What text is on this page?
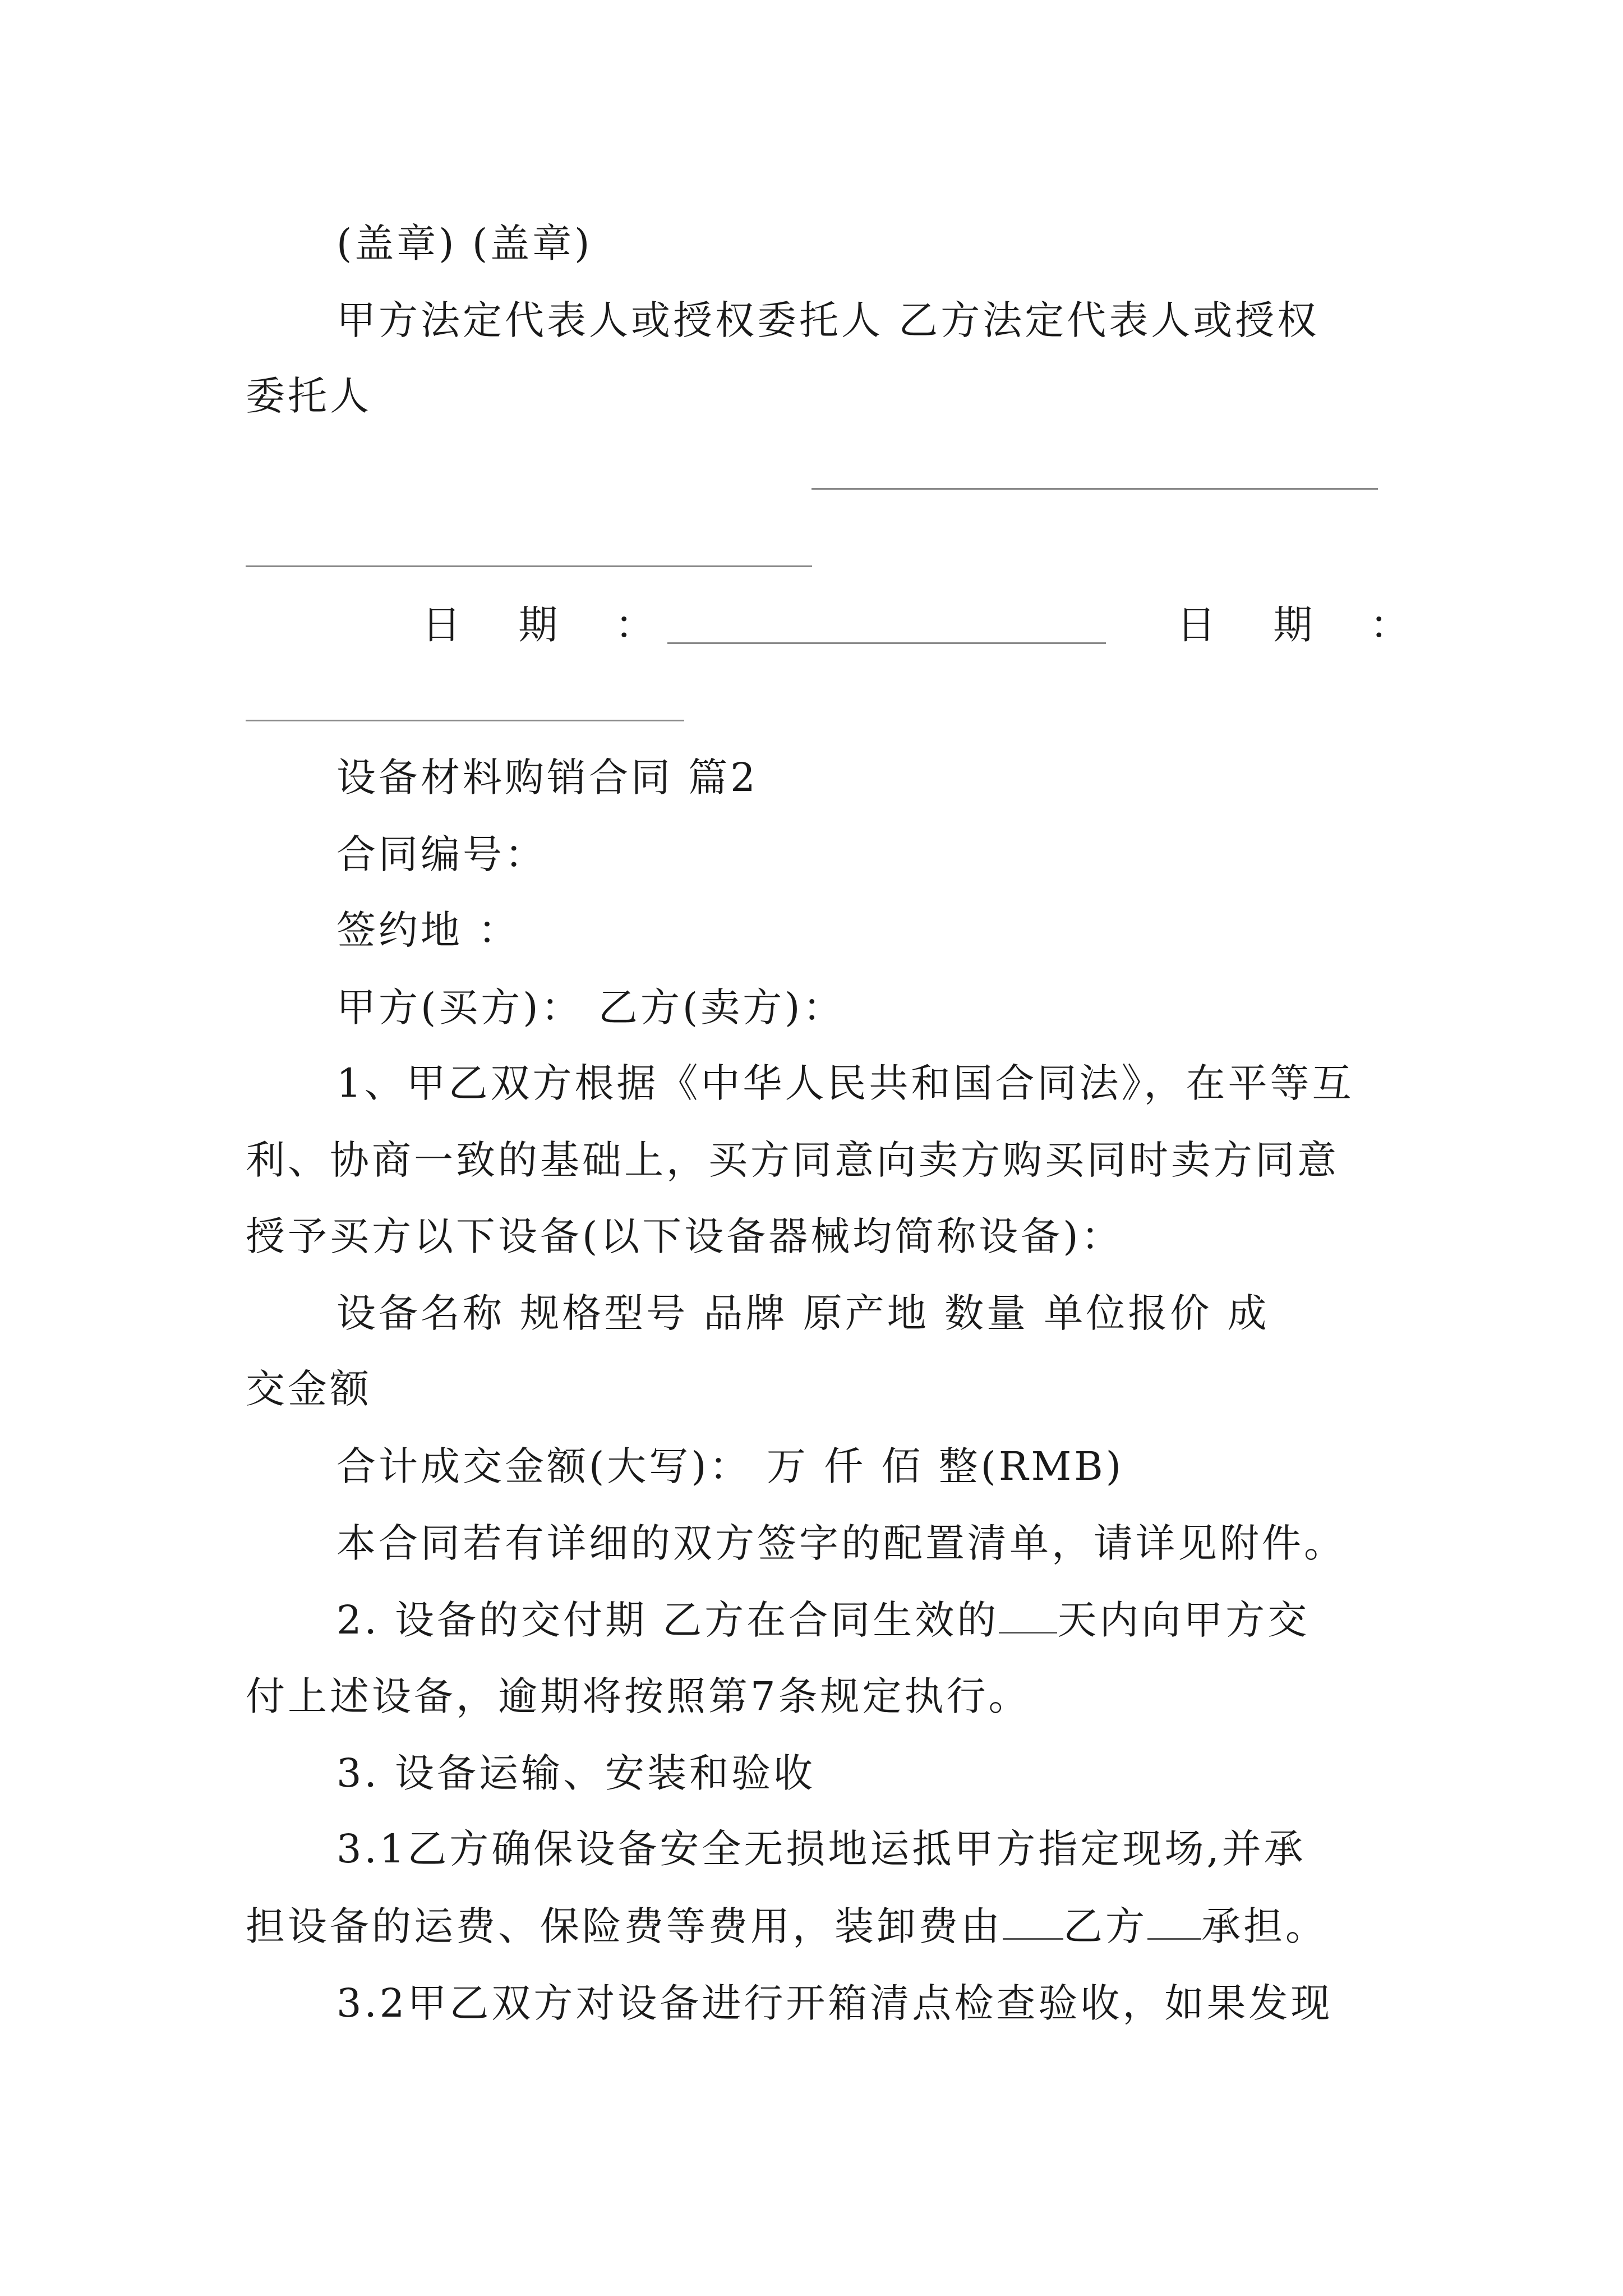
(盖章) (盖章)
甲方法定代表人或授权委托人 乙方法定代表人或授权
委托人
日 期 ：	日 期 ：
设备材料购销合同 篇2
合同编号：
签约地 ：
甲方(买方)： 乙方(卖方)：
1、甲乙双方根据《中华人民共和国合同法》，在平等互
利、协商一致的基础上，买方同意向卖方购买同时卖方同意
授予买方以下设备(以下设备器械均简称设备)：
设备名称 规格型号 品牌 原产地 数量 单位报价 成
交金额
合计成交金额(大写)： 万 仟 佰 整(RMB)
本合同若有详细的双方签字的配置清单，请详见附件。
2. 设备的交付期 乙方在合同生效的 天内向甲方交
付上述设备，逾期将按照第7条规定执行。
3. 设备运输、安装和验收
3.1乙方确保设备安全无损地运抵甲方指定现场,并承
担设备的运费、保险费等费用，装卸费由 乙方 承担。
3.2甲乙双方对设备进行开箱清点检查验收，如果发现
